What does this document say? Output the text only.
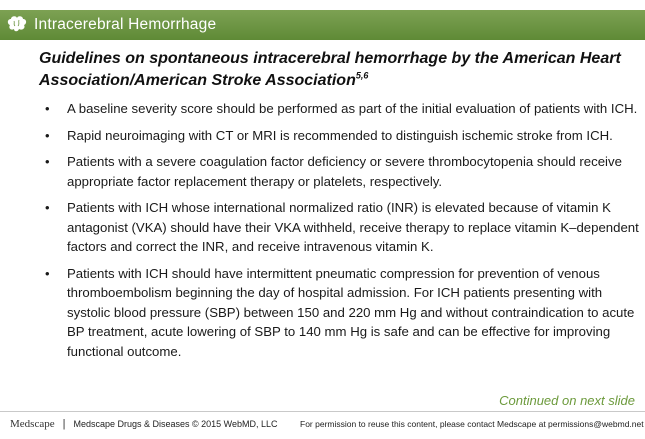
Intracerebral Hemorrhage
Guidelines on spontaneous intracerebral hemorrhage by the American Heart Association/American Stroke Association$^{5,6}$
• A baseline severity score should be performed as part of the initial evaluation of patients with ICH.
• Rapid neuroimaging with CT or MRI is recommended to distinguish ischemic stroke from ICH.
• Patients with a severe coagulation factor deficiency or severe thrombocytopenia should receive appropriate factor replacement therapy or platelets, respectively.
• Patients with ICH whose international normalized ratio (INR) is elevated because of vitamin K antagonist (VKA) should have their VKA withheld, receive therapy to replace vitamin K–dependent factors and correct the INR, and receive intravenous vitamin K.
• Patients with ICH should have intermittent pneumatic compression for prevention of venous thromboembolism beginning the day of hospital admission. For ICH patients presenting with systolic blood pressure (SBP) between 150 and 220 mm Hg and without contraindication to acute BP treatment, acute lowering of SBP to 140 mm Hg is safe and can be effective for improving functional outcome.
Continued on next slide
Medscape | Medscape Drugs & Diseases © 2015 WebMD, LLC	For permission to reuse this content, please contact Medscape at permissions@webmd.net
